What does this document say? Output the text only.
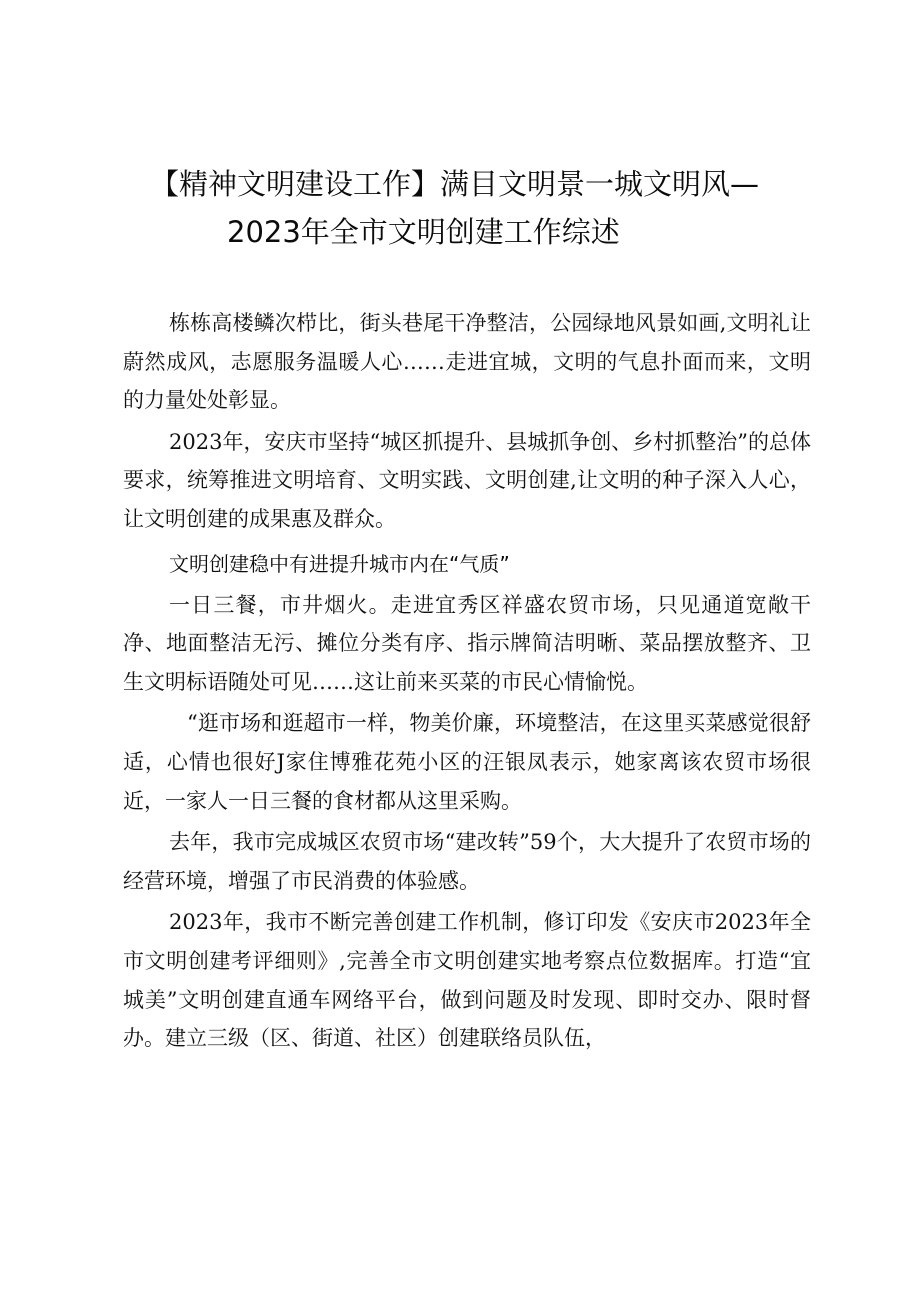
【精神文明建设工作】满目文明景一城文明风—
2023年全市文明创建工作综述

栋栋高楼鳞次栉比，街头巷尾干净整洁，公园绿地风景如画,文明礼让蔚然成风，志愿服务温暖人心……走进宜城，文明的气息扑面而来，文明的力量处处彰显。

2023年，安庆市坚持“城区抓提升、县城抓争创、乡村抓整治”的总体要求，统筹推进文明培育、文明实践、文明创建,让文明的种子深入人心，让文明创建的成果惠及群众。

文明创建稳中有进提升城市内在“气质”

一日三餐，市井烟火。走进宜秀区祥盛农贸市场，只见通道宽敞干净、地面整洁无污、摊位分类有序、指示牌简洁明晰、菜品摆放整齐、卫生文明标语随处可见……这让前来买菜的市民心情愉悦。

“逛市场和逛超市一样，物美价廉，环境整洁，在这里买菜感觉很舒适，心情也很好J家住博雅花苑小区的汪银凤表示，她家离该农贸市场很近，一家人一日三餐的食材都从这里采购。

去年，我市完成城区农贸市场“建改转”59个，大大提升了农贸市场的经营环境，增强了市民消费的体验感。

2023年，我市不断完善创建工作机制，修订印发《安庆市2023年全市文明创建考评细则》,完善全市文明创建实地考察点位数据库。打造“宜城美”文明创建直通车网络平台，做到问题及时发现、即时交办、限时督办。建立三级（区、街道、社区）创建联络员队伍，
